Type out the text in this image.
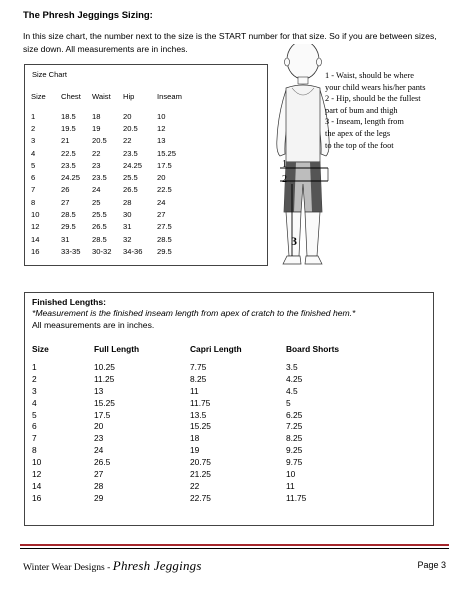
The Phresh Jeggings Sizing:
In this size chart, the number next to the size is the START number for that size. So if you are between sizes, size down. All measurements are in inches.
Size Chart
Size	Chest	Waist	Hip	Inseam

1	18.5	18	20	10
2	19.5	19	20.5	12
3	21	20.5	22	13
4	22.5	22	23.5	15.25
5	23.5	23	24.25	17.5
6	24.25	23.5	25.5	20
7	26	24	26.5	22.5
8	27	25	28	24
10	28.5	25.5	30	27
12	29.5	26.5	31	27.5
14	31	28.5	32	28.5
16	33-35	30-32	34-36	29.5
1
2
3
1 - Waist, should be where
your child wears his/her pants
2 - Hip, should be the fullest
part of bum and thigh
3 - Inseam, length from
the apex of the legs
to the top of the foot
Finished Lengths:
*Measurement is the finished inseam length from apex of cratch to the finished hem.*
All measurements are in inches.
Size	Full Length	Capri Length	Board Shorts

1	10.25	7.75	3.5
2	11.25	8.25	4.25
3	13	11	4.5
4	15.25	11.75	5
5	17.5	13.5	6.25
6	20	15.25	7.25
7	23	18	8.25
8	24	19	9.25
10	26.5	20.75	9.75
12	27	21.25	10
14	28	22	11
16	29	22.75	11.75
Winter Wear Designs - Phresh Jeggings	Page 3
